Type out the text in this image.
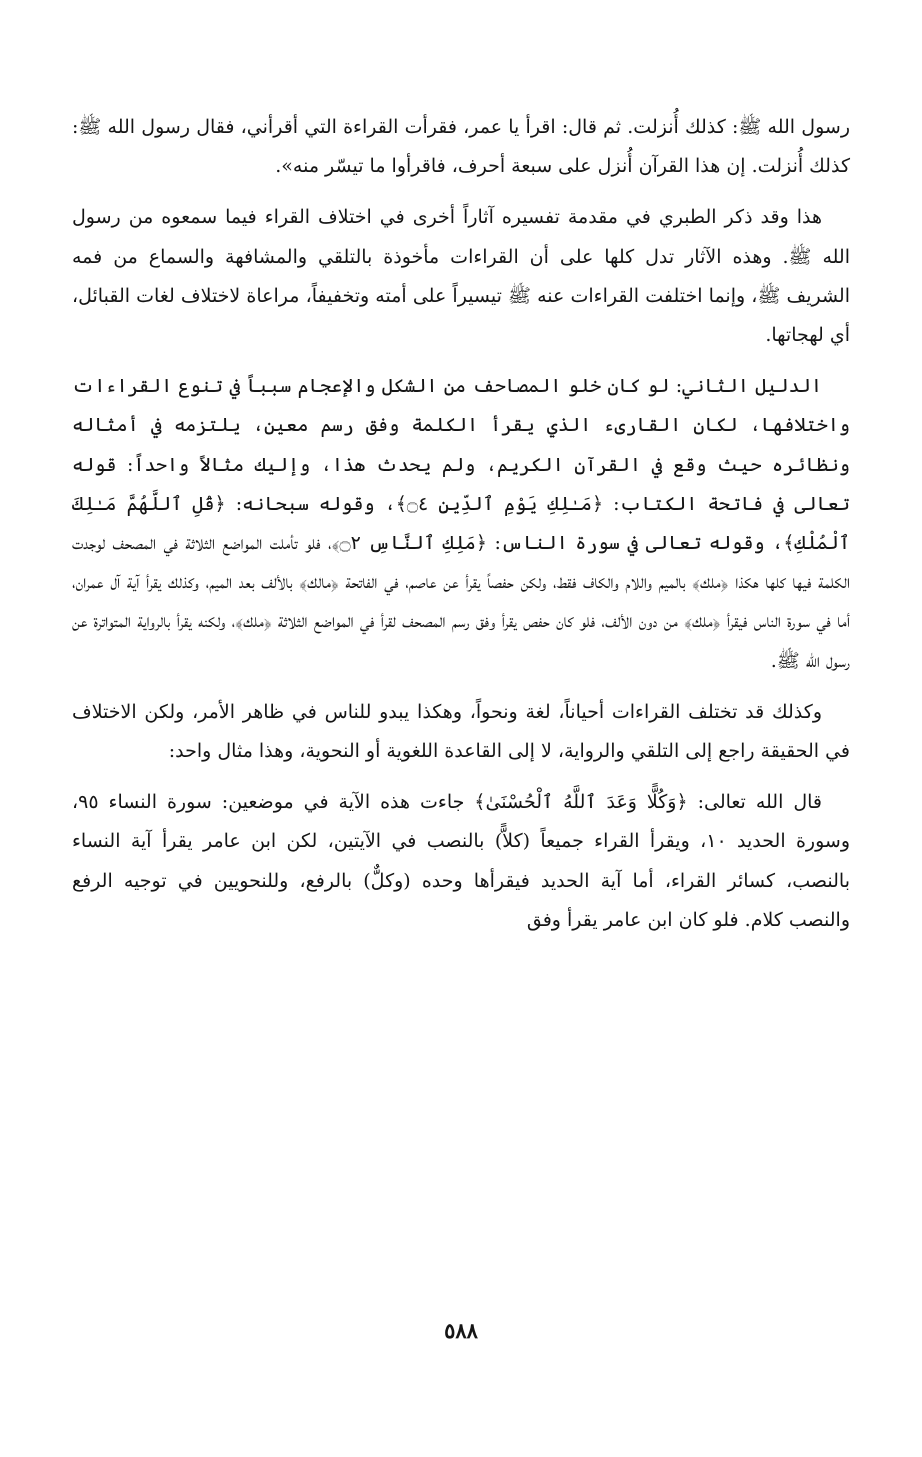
رسول الله ﷺ: كذلك أُنزلت. ثم قال: اقرأ يا عمر، فقرأت القراءة التي أقرأني، فقال رسول الله ﷺ: كذلك أُنزلت. إن هذا القرآن أُنزل على سبعة أحرف، فاقرأوا ما تيسّر منه».

هذا وقد ذكر الطبري في مقدمة تفسيره آثاراً أخرى في اختلاف القراء فيما سمعوه من رسول الله ﷺ. وهذه الآثار تدل كلها على أن القراءات مأخوذة بالتلقي والمشافهة والسماع من فمه الشريف ﷺ، وإنما اختلفت القراءات عنه ﷺ تيسيراً على أمته وتخفيفاً، مراعاة لاختلاف لغات القبائل، أي لهجاتها.

الدليل الثاني: لو كان خلو المصاحف من الشكل والإعجام سبباً في تنوع القراءات واختلافها، لكان القارىء الذي يقرأ الكلمة وفق رسم معين، يلتزمه في أمثاله ونظائره حيث وقع في القرآن الكريم، ولم يحدث هذا، وإليك مثالاً واحداً: قوله تعالى في فاتحة الكتاب: ﴿مَـٰلِكِ يَوْمِ ٱلدِّينِ ۝٤﴾، وقوله سبحانه: ﴿قُلِ ٱللَّهُمَّ مَـٰلِكَ ٱلْمُلْكِ﴾، وقوله تعالى في سورة الناس: ﴿مَلِكِ ٱلنَّاسِ ۝٢﴾، فلو تأملت المواضع الثلاثة في المصحف لوجدت الكلمة فيها كلها هكذا ﴿ملك﴾ بالميم واللام والكاف فقط، ولكن حفصاً يقرأ عن عاصم، في الفاتحة ﴿مالك﴾ بالألف بعد الميم، وكذلك يقرأ آية آل عمران، أما في سورة الناس فيقرأ ﴿ملك﴾ من دون الألف، فلو كان حفص يقرأ وفق رسم المصحف لقرأ في المواضع الثلاثة ﴿ملك﴾، ولكنه يقرأ بالرواية المتواترة عن رسول الله ﷺ.

وكذلك قد تختلف القراءات أحياناً، لغة ونحواً، وهكذا يبدو للناس في ظاهر الأمر، ولكن الاختلاف في الحقيقة راجع إلى التلقي والرواية، لا إلى القاعدة اللغوية أو النحوية، وهذا مثال واحد:

قال الله تعالى: ﴿وَكُلًّا وَعَدَ ٱللَّهُ ٱلْحُسْنَىٰ﴾ جاءت هذه الآية في موضعين: سورة النساء ٩٥، وسورة الحديد ١٠، ويقرأ القراء جميعاً (كلاًّ) بالنصب في الآيتين، لكن ابن عامر يقرأ آية النساء بالنصب، كسائر القراء، أما آية الحديد فيقرأها وحده (وكلٌّ) بالرفع، وللنحويين في توجيه الرفع والنصب كلام. فلو كان ابن عامر يقرأ وفق

٥٨٨
